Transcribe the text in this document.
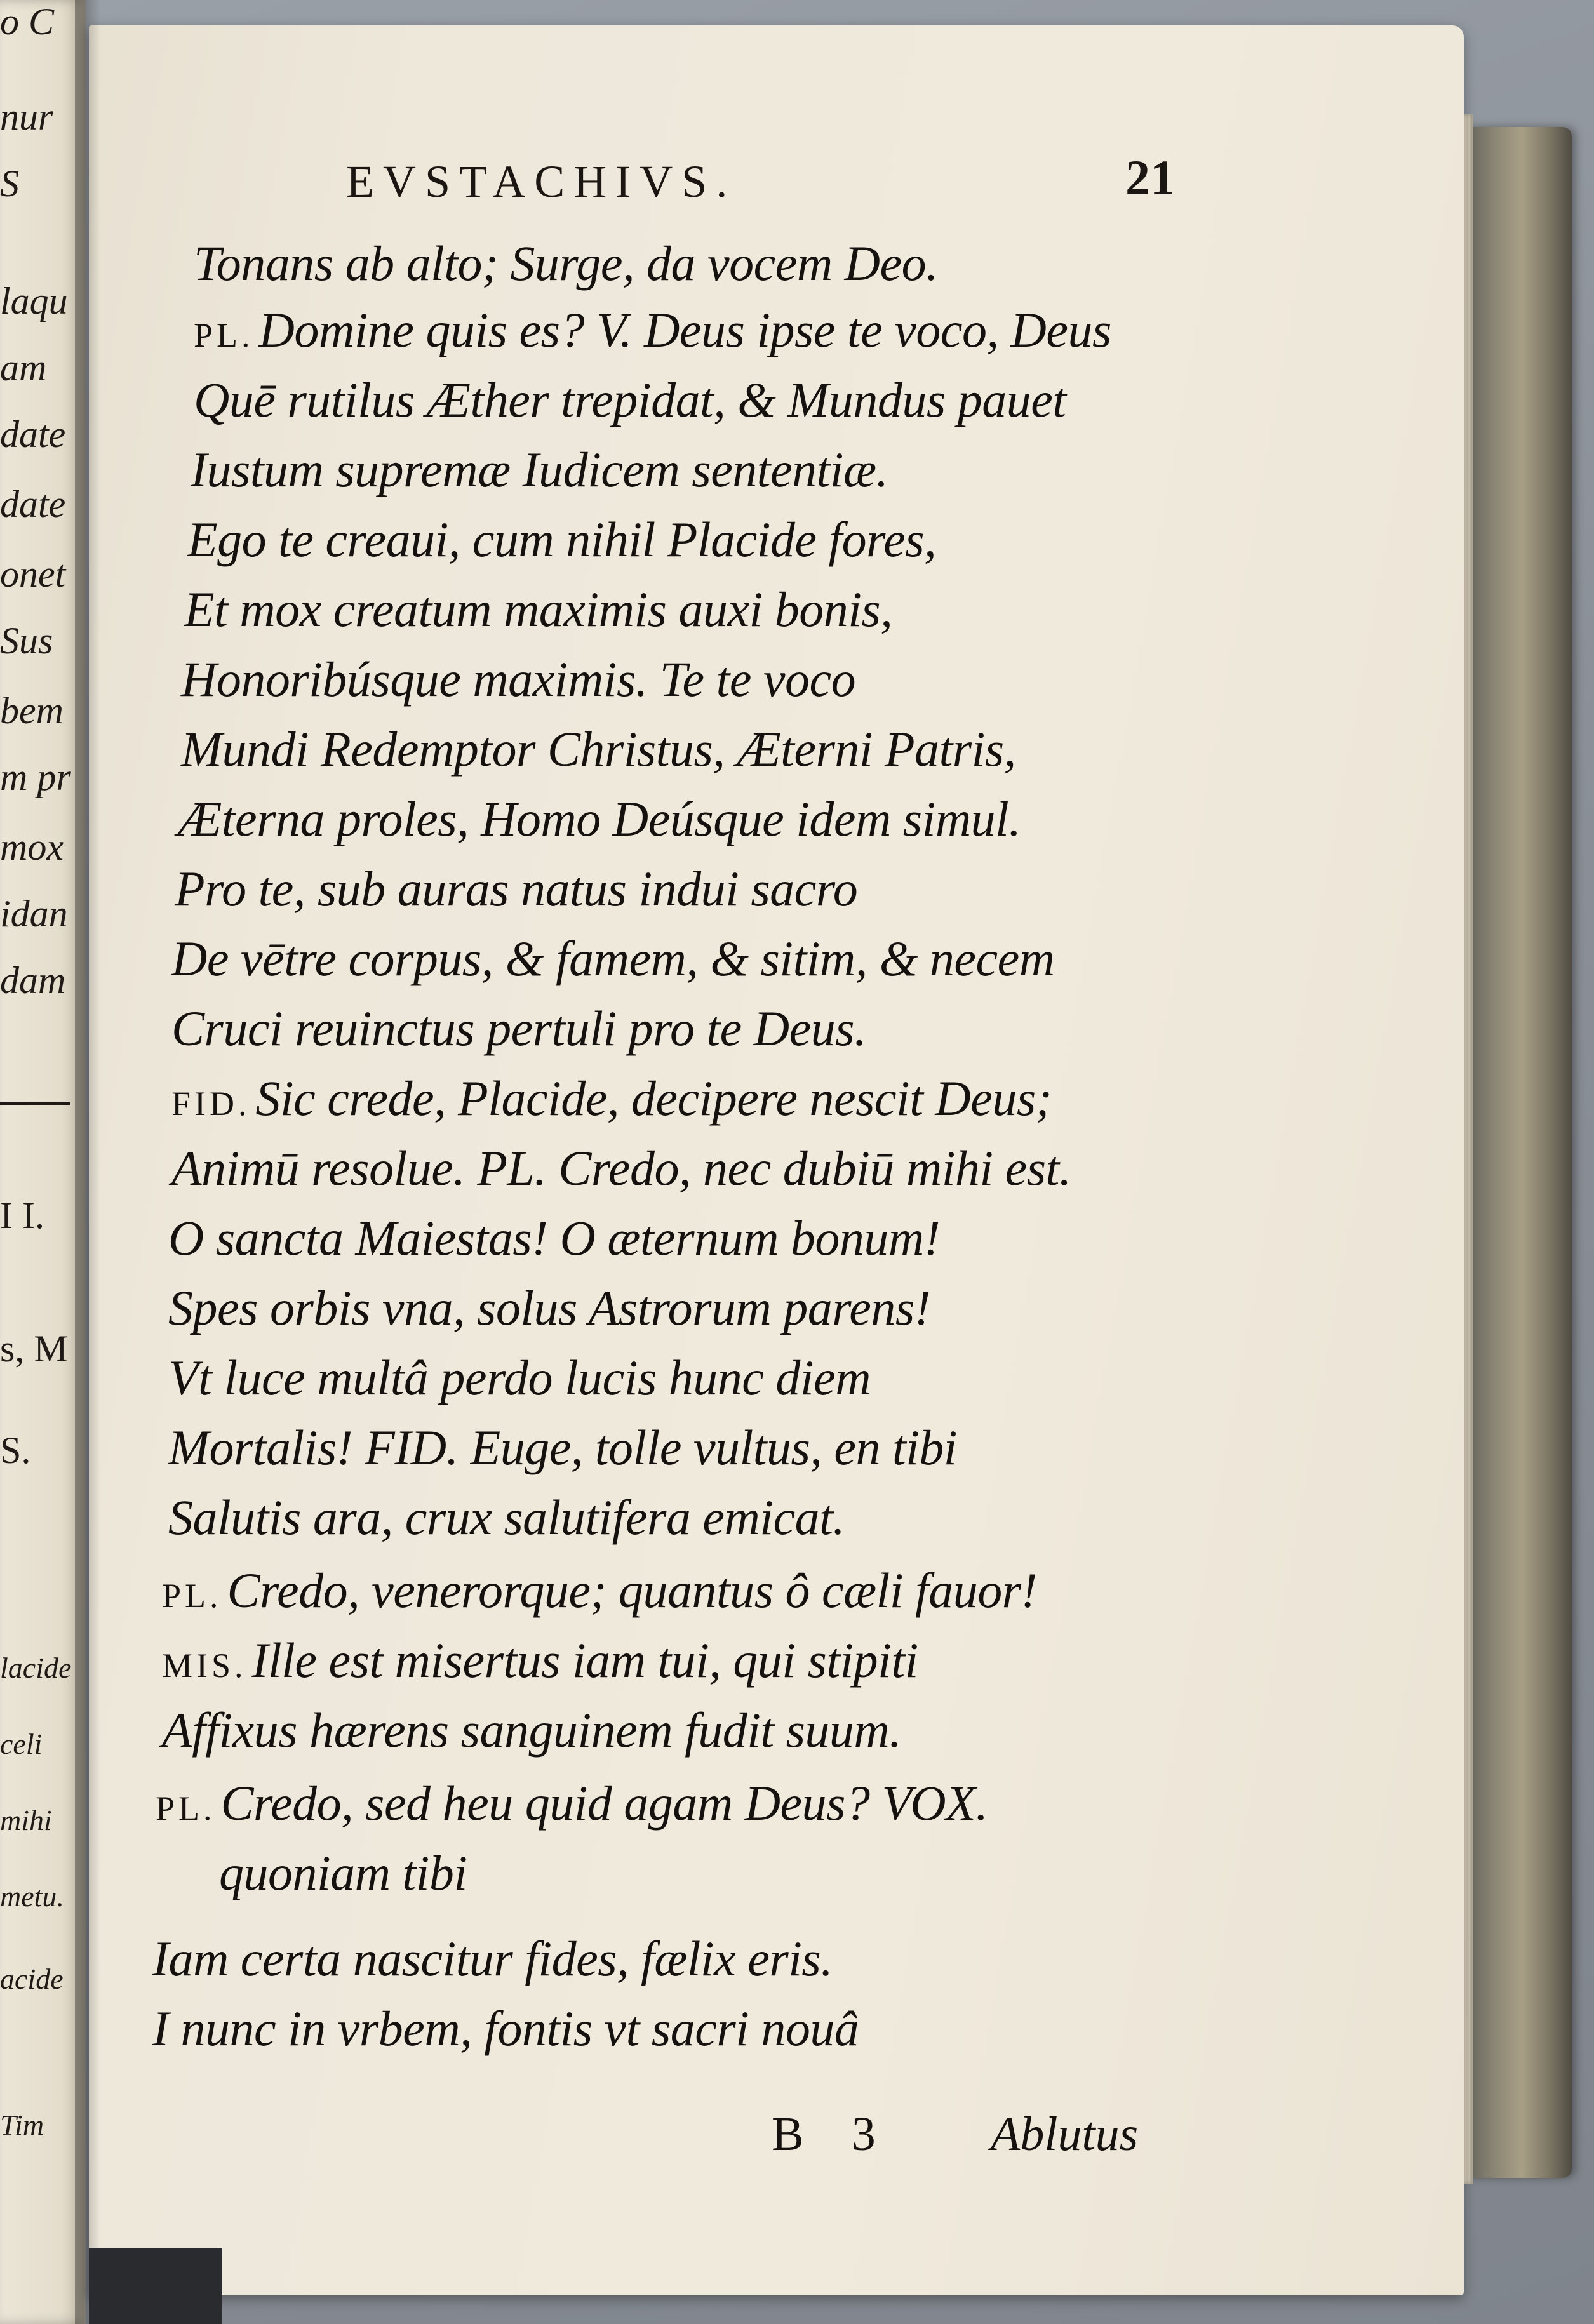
o C
nur
S
laqu
am
date
date
onet
Sus
bem
m pr
mox
idan
dam
I I.
s, M
S.
lacide
celi
mihi
metu.
acide
Tim
EVSTACHIVS.	21
Tonans ab alto; Surge, da vocem Deo.
PL. Domine quis es? V. Deus ipse te voco, Deus
Quē rutilus Æther trepidat, & Mundus pauet
Iustum supremæ Iudicem sententiæ.
Ego te creaui, cum nihil Placide fores,
Et mox creatum maximis auxi bonis,
Honoribúsque maximis. Te te voco
Mundi Redemptor Christus, Æterni Patris,
Æterna proles, Homo Deúsque idem simul.
Pro te, sub auras natus indui sacro
De vētre corpus, & famem, & sitim, & necem
Cruci reuinctus pertuli pro te Deus.
FID. Sic crede, Placide, decipere nescit Deus;
Animū resolue. PL. Credo, nec dubiū mihi est.
O sancta Maiestas! O æternum bonum!
Spes orbis vna, solus Astrorum parens!
Vt luce multâ perdo lucis hunc diem
Mortalis! FID. Euge, tolle vultus, en tibi
Salutis ara, crux salutifera emicat.
PL. Credo, venerorque; quantus ô cæli fauor!
MIS. Ille est misertus iam tui, qui stipiti
Affixus hærens sanguinem fudit suum.
PL. Credo, sed heu quid agam Deus? VOX.
quoniam tibi
Iam certa nascitur fides, fælix eris.
I nunc in vrbem, fontis vt sacri nouâ
B 3 Ablutus
